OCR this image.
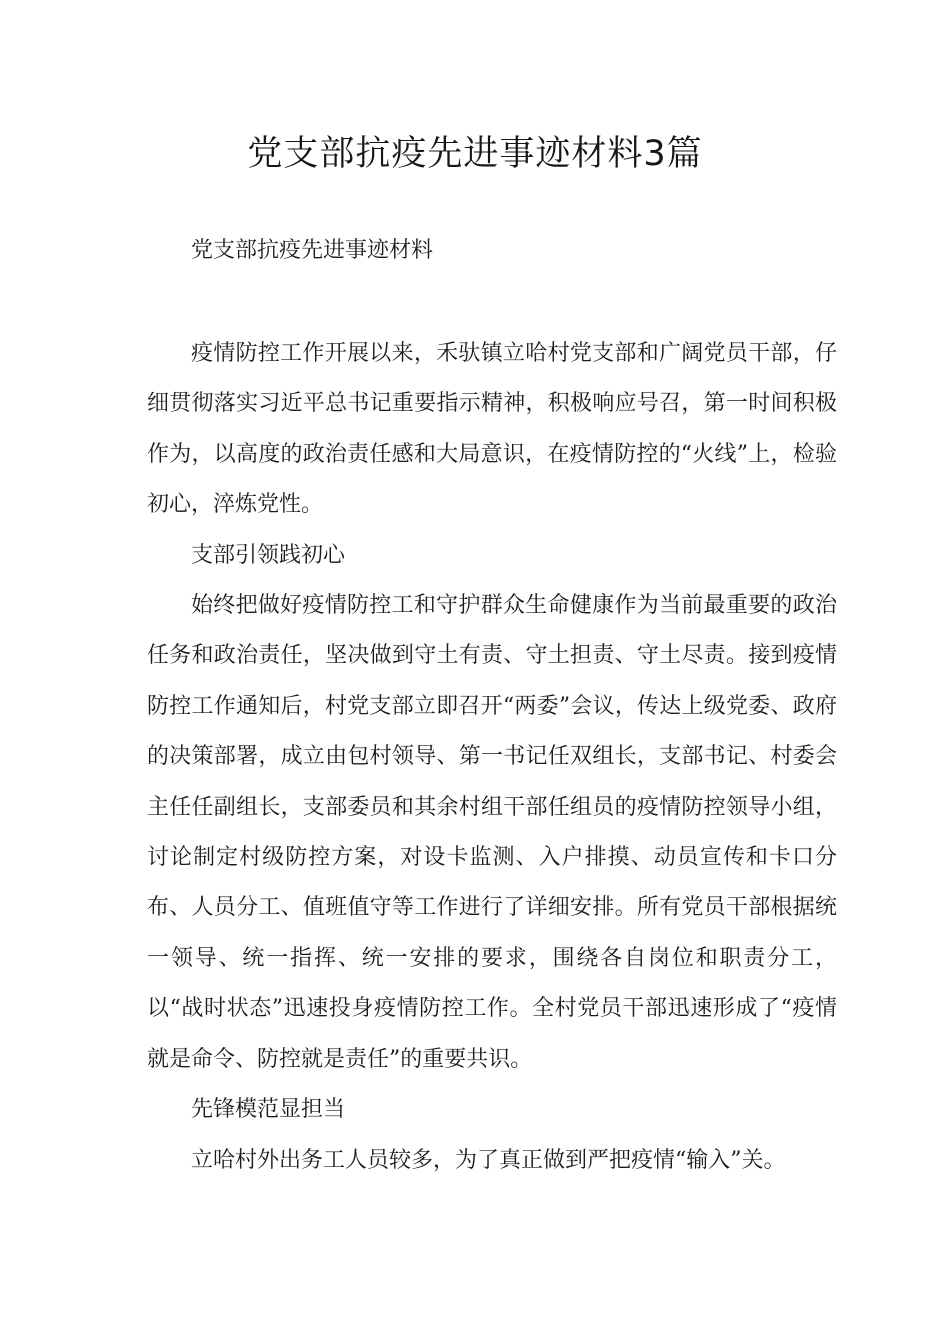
党支部抗疫先进事迹材料3篇
党支部抗疫先进事迹材料

疫情防控工作开展以来，禾驮镇立哈村党支部和广阔党员干部，仔细贯彻落实习近平总书记重要指示精神，积极响应号召，第一时间积极作为，以高度的政治责任感和大局意识，在疫情防控的“火线”上，检验初心，淬炼党性。

支部引领践初心

始终把做好疫情防控工和守护群众生命健康作为当前最重要的政治任务和政治责任，坚决做到守土有责、守土担责、守土尽责。接到疫情防控工作通知后，村党支部立即召开“两委”会议，传达上级党委、政府的决策部署，成立由包村领导、第一书记任双组长，支部书记、村委会主任任副组长，支部委员和其余村组干部任组员的疫情防控领导小组，讨论制定村级防控方案，对设卡监测、入户排摸、动员宣传和卡口分布、人员分工、值班值守等工作进行了详细安排。所有党员干部根据统一领导、统一指挥、统一安排的要求，围绕各自岗位和职责分工，以“战时状态”迅速投身疫情防控工作。全村党员干部迅速形成了“疫情就是命令、防控就是责任”的重要共识。

先锋模范显担当

立哈村外出务工人员较多，为了真正做到严把疫情“输入”关。
